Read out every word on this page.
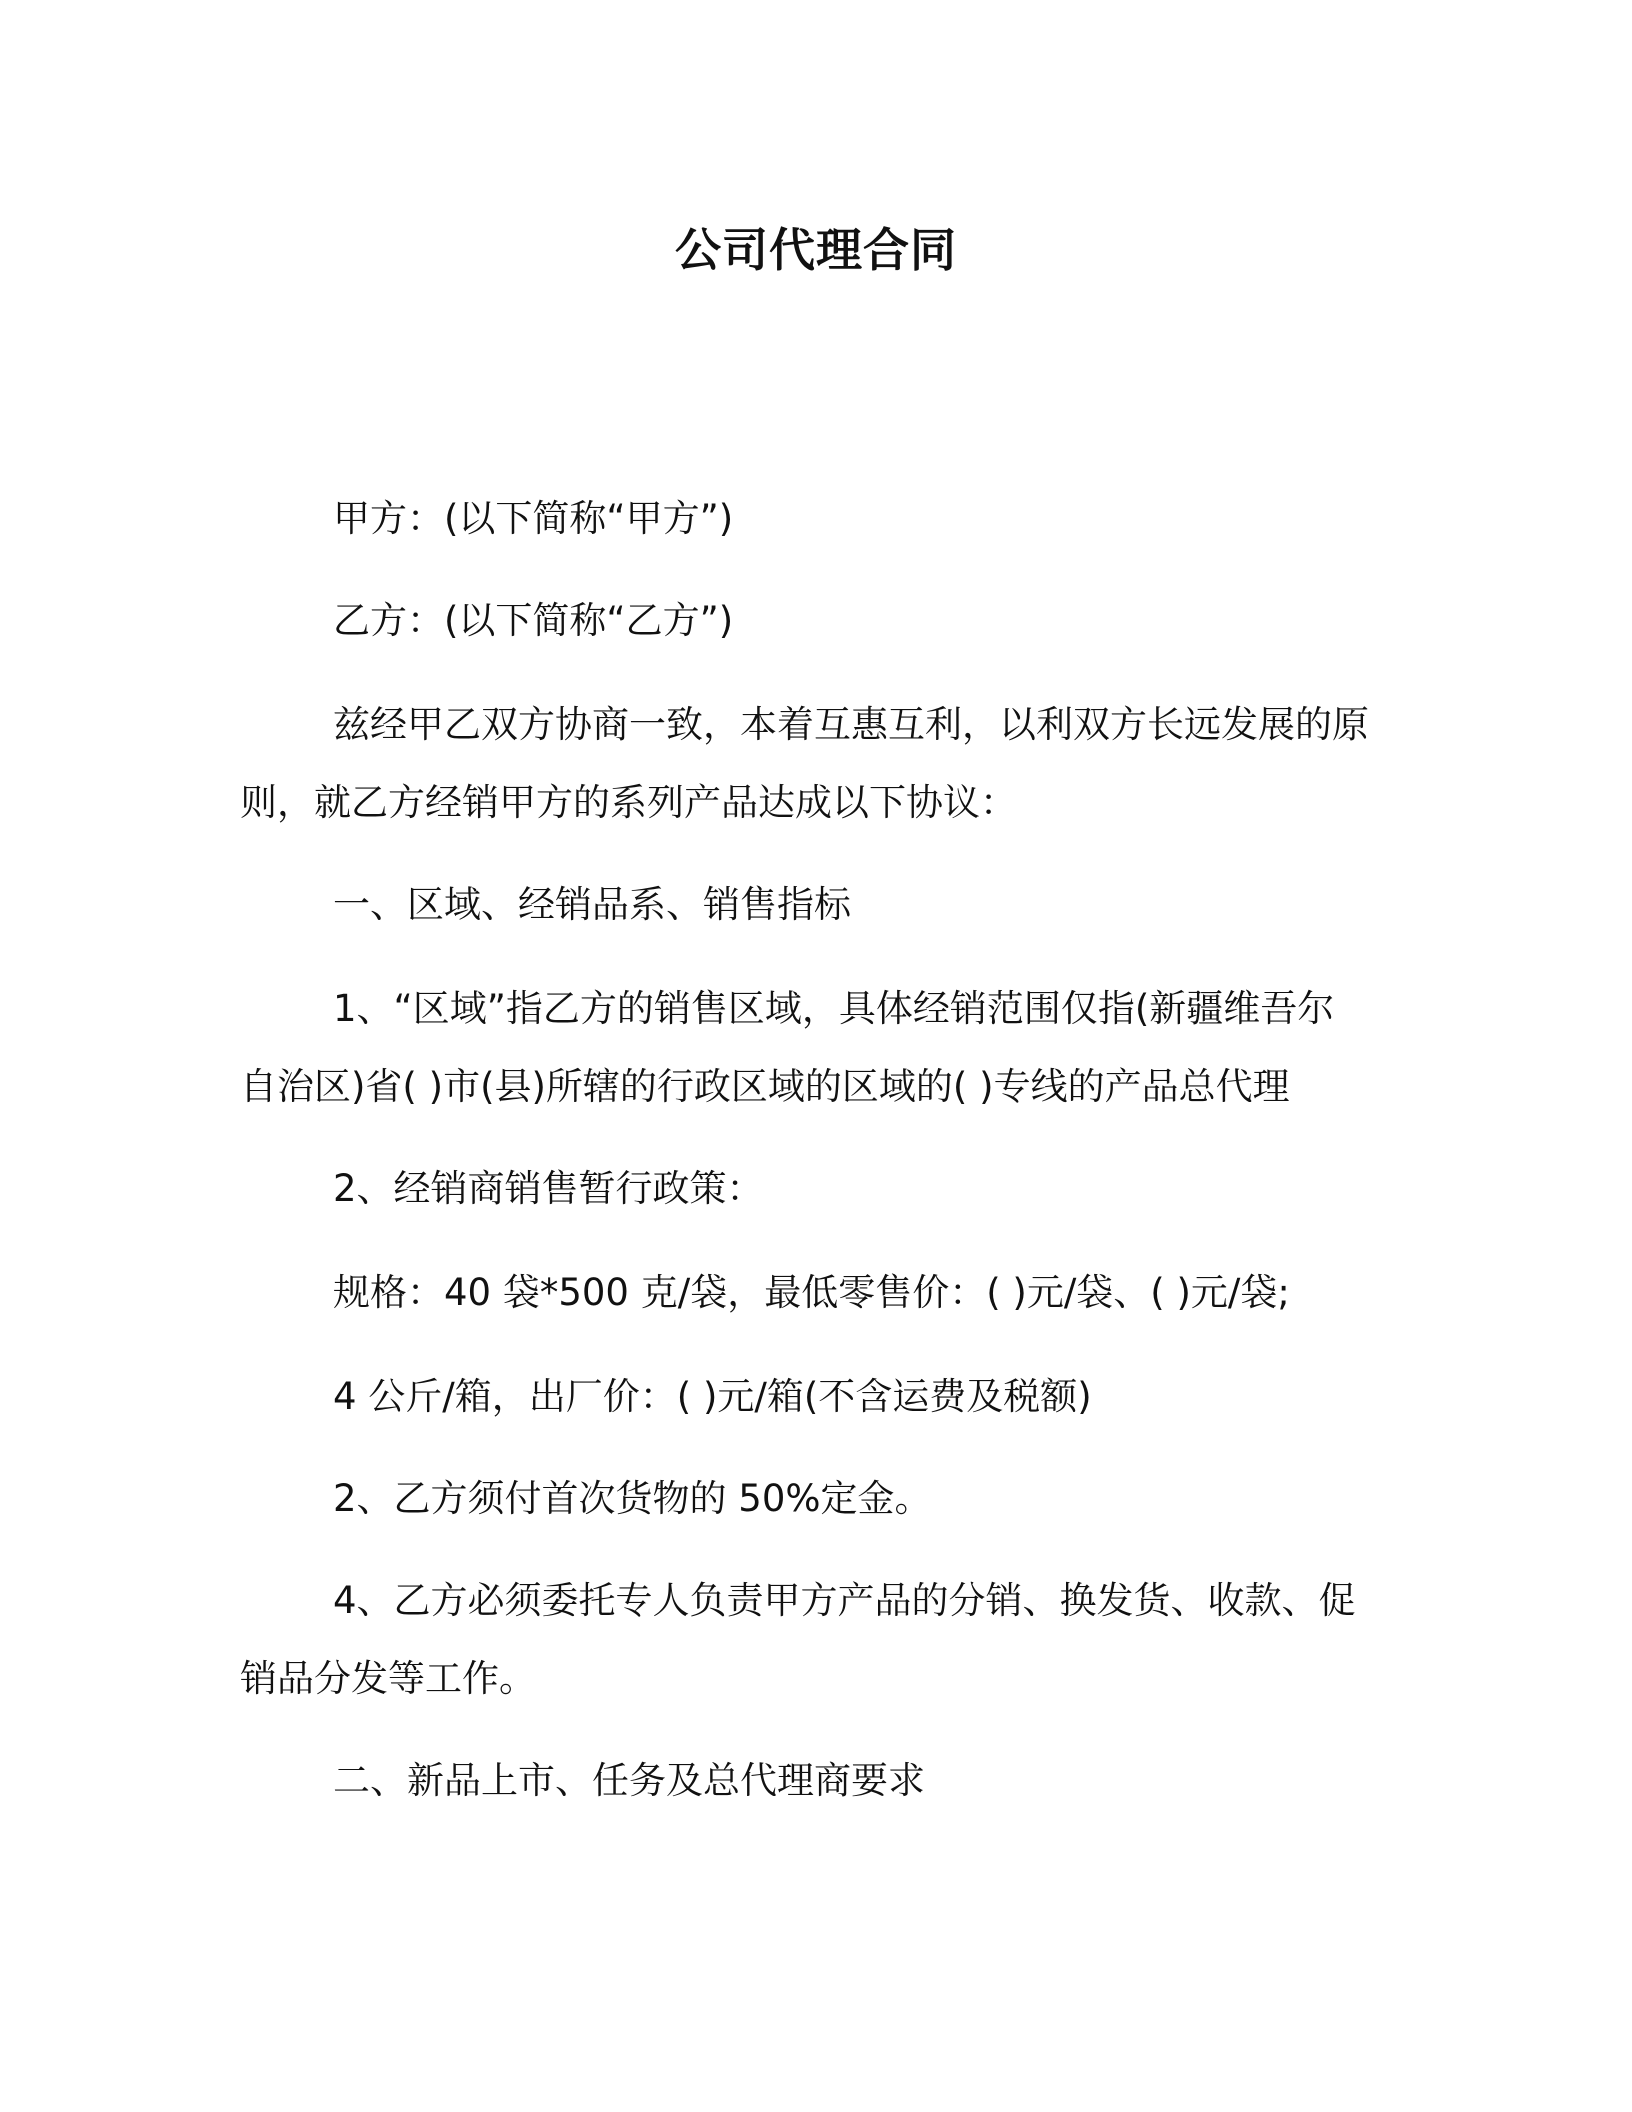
公司代理合同
甲方：(以下简称“甲方”)
乙方：(以下简称“乙方”)
兹经甲乙双方协商一致，本着互惠互利，以利双方长远发展的原
则，就乙方经销甲方的系列产品达成以下协议：
一、区域、经销品系、销售指标
1、“区域”指乙方的销售区域，具体经销范围仅指(新疆维吾尔
自治区)省( )市(县)所辖的行政区域的区域的( )专线的产品总代理
2、经销商销售暂行政策：
规格：40 袋*500 克/袋，最低零售价：( )元/袋、( )元/袋;
4 公斤/箱，出厂价：( )元/箱(不含运费及税额)
2、乙方须付首次货物的 50%定金。
4、乙方必须委托专人负责甲方产品的分销、换发货、收款、促
销品分发等工作。
二、新品上市、任务及总代理商要求
